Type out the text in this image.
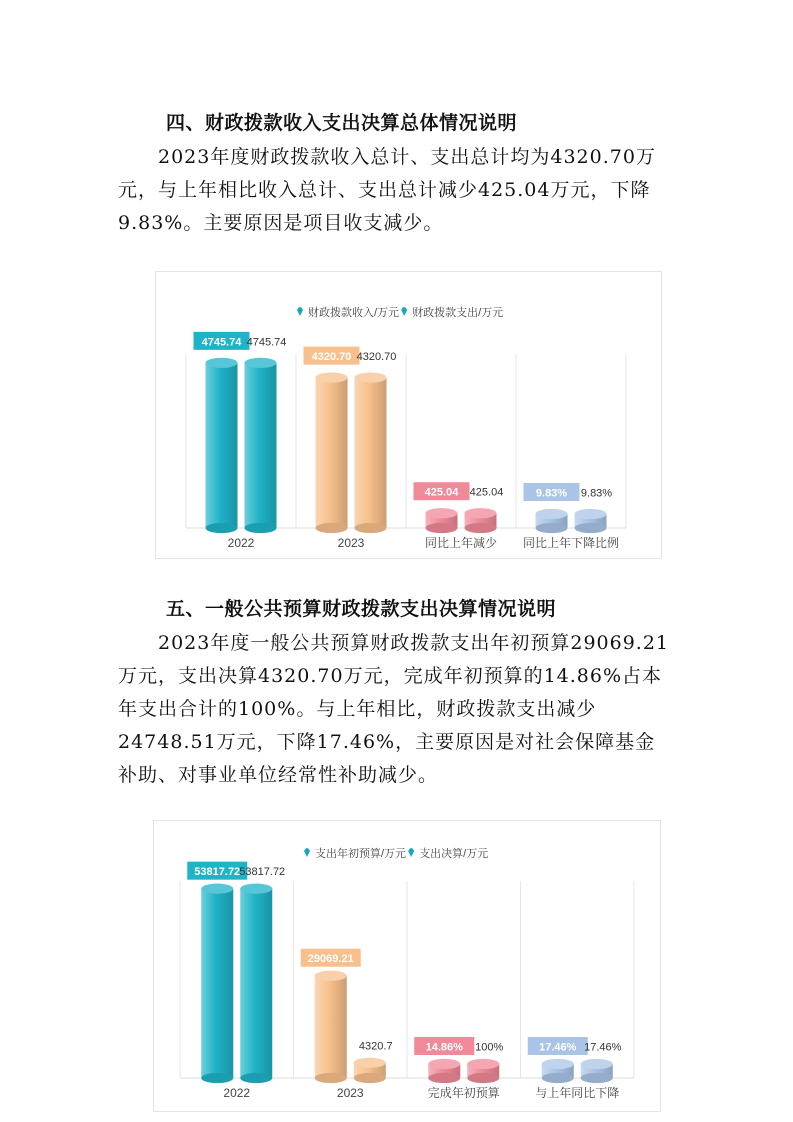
四、财政拨款收入支出决算总体情况说明

2023年度财政拨款收入总计、支出总计均为4320.70万元，与上年相比收入总计、支出总计减少425.04万元，下降9.83%。主要原因是项目收支减少。

财政拨款收入/万元 财政拨款支出/万元
2022	2023	同比上年减少 同比上年下降比例
4745.74 4745.74
4320.70 4320.70
425.04 425.04	9.83% 9.83%
五、一般公共预算财政拨款支出决算情况说明

2023年度一般公共预算财政拨款支出年初预算29069.21万元，支出决算4320.70万元，完成年初预算的14.86%占本年支出合计的100%。与上年相比，财政拨款支出减少24748.51万元，下降17.46%，主要原因是对社会保障基金补助、对事业单位经常性补助减少。

支出年初预算/万元 支出决算/万元
2022	2023	完成年初预算	与上年同比下降
53817.72 53817.72
29069.21
4320.7	14.86% 100%	17.46% 17.46%
